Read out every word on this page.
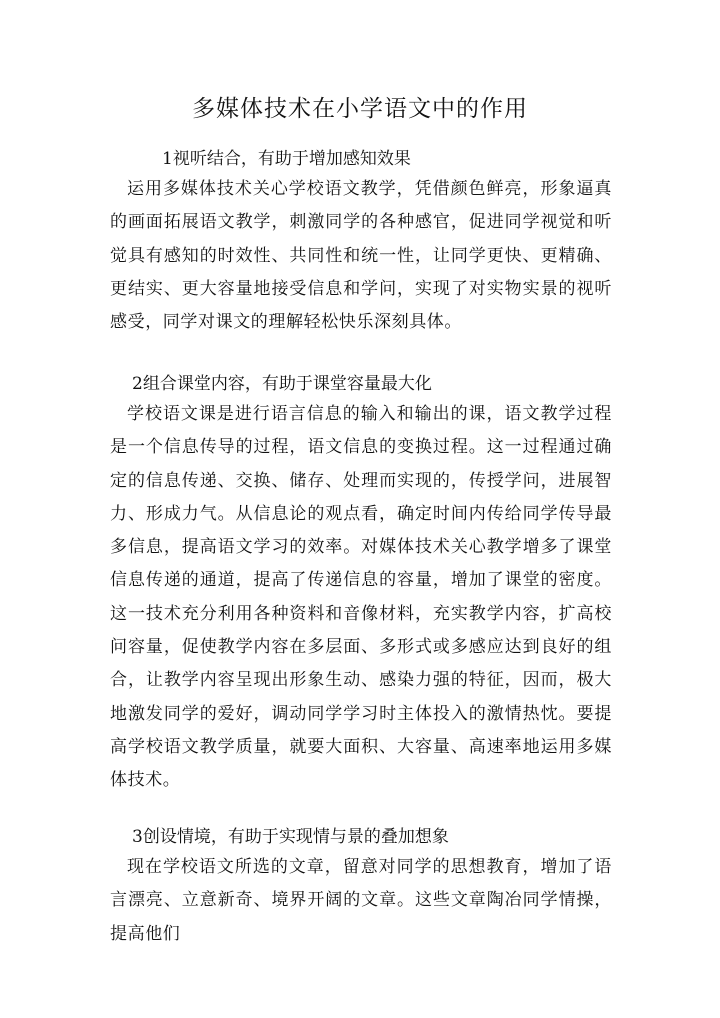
多媒体技术在小学语文中的作用

1视听结合，有助于增加感知效果

运用多媒体技术关心学校语文教学，凭借颜色鲜亮，形象逼真的画面拓展语文教学，刺激同学的各种感官，促进同学视觉和听觉具有感知的时效性、共同性和统一性，让同学更快、更精确、更结实、更大容量地接受信息和学问，实现了对实物实景的视听感受，同学对课文的理解轻松快乐深刻具体。

2组合课堂内容，有助于课堂容量最大化

学校语文课是进行语言信息的输入和输出的课，语文教学过程是一个信息传导的过程，语文信息的变换过程。这一过程通过确定的信息传递、交换、储存、处理而实现的，传授学问，进展智力、形成力气。从信息论的观点看，确定时间内传给同学传导最多信息，提高语文学习的效率。对媒体技术关心教学增多了课堂信息传递的通道，提高了传递信息的容量，增加了课堂的密度。这一技术充分利用各种资料和音像材料，充实教学内容，扩高校问容量，促使教学内容在多层面、多形式或多感应达到良好的组合，让教学内容呈现出形象生动、感染力强的特征，因而，极大地激发同学的爱好，调动同学学习时主体投入的激情热忱。要提高学校语文教学质量，就要大面积、大容量、高速率地运用多媒体技术。

3创设情境，有助于实现情与景的叠加想象

现在学校语文所选的文章，留意对同学的思想教育，增加了语言漂亮、立意新奇、境界开阔的文章。这些文章陶冶同学情操，提高他们
